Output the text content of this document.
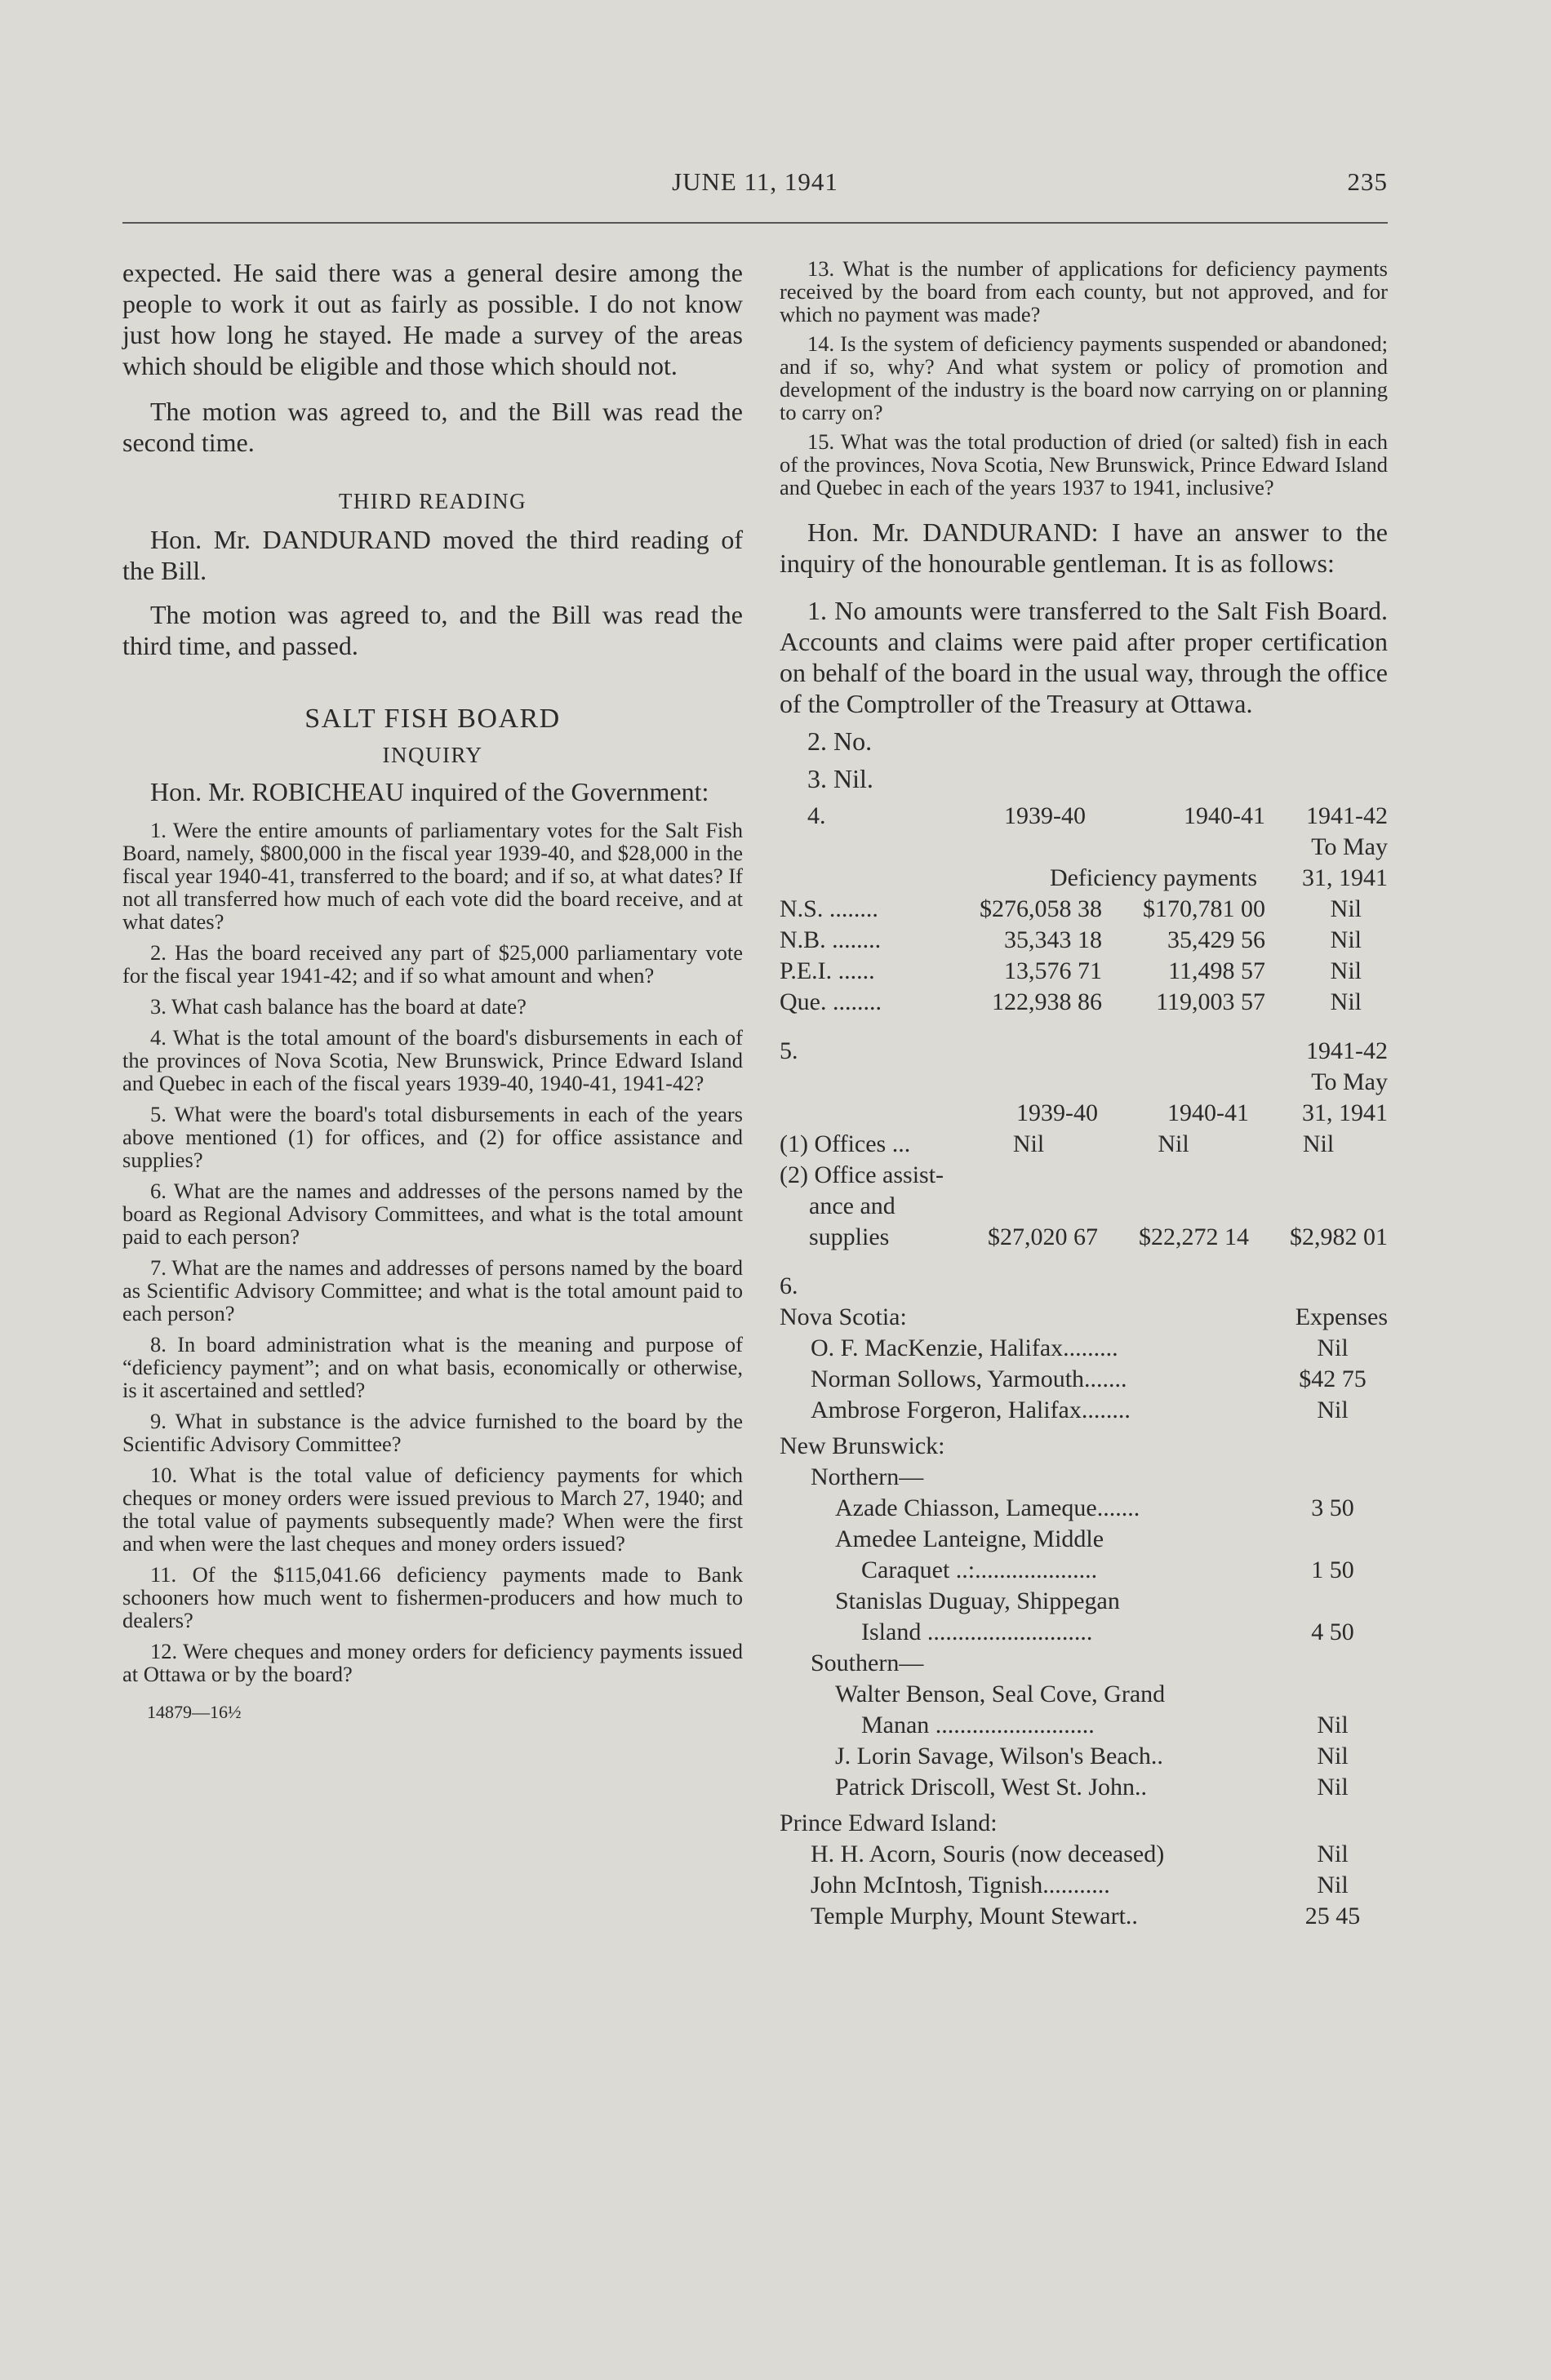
JUNE 11, 1941	235

expected. He said there was a general desire among the people to work it out as fairly as possible. I do not know just how long he stayed. He made a survey of the areas which should be eligible and those which should not.

The motion was agreed to, and the Bill was read the second time.

THIRD READING

Hon. Mr. DANDURAND moved the third reading of the Bill.

The motion was agreed to, and the Bill was read the third time, and passed.

SALT FISH BOARD

INQUIRY

Hon. Mr. ROBICHEAU inquired of the Government:

1. Were the entire amounts of parliamentary votes for the Salt Fish Board, namely, $800,000 in the fiscal year 1939-40, and $28,000 in the fiscal year 1940-41, transferred to the board; and if so, at what dates? If not all transferred how much of each vote did the board receive, and at what dates?

2. Has the board received any part of $25,000 parliamentary vote for the fiscal year 1941-42; and if so what amount and when?

3. What cash balance has the board at date?

4. What is the total amount of the board's disbursements in each of the provinces of Nova Scotia, New Brunswick, Prince Edward Island and Quebec in each of the fiscal years 1939-40, 1940-41, 1941-42?

5. What were the board's total disbursements in each of the years above mentioned (1) for offices, and (2) for office assistance and supplies?

6. What are the names and addresses of the persons named by the board as Regional Advisory Committees, and what is the total amount paid to each person?

7. What are the names and addresses of persons named by the board as Scientific Advisory Committee; and what is the total amount paid to each person?

8. In board administration what is the meaning and purpose of “deficiency payment”; and on what basis, economically or otherwise, is it ascertained and settled?

9. What in substance is the advice furnished to the board by the Scientific Advisory Committee?

10. What is the total value of deficiency payments for which cheques or money orders were issued previous to March 27, 1940; and the total value of payments subsequently made? When were the first and when were the last cheques and money orders issued?

11. Of the $115,041.66 deficiency payments made to Bank schooners how much went to fishermen-producers and how much to dealers?

12. Were cheques and money orders for deficiency payments issued at Ottawa or by the board?

14879—16½

13. What is the number of applications for deficiency payments received by the board from each county, but not approved, and for which no payment was made?

14. Is the system of deficiency payments suspended or abandoned; and if so, why? And what system or policy of promotion and development of the industry is the board now carrying on or planning to carry on?

15. What was the total production of dried (or salted) fish in each of the provinces, Nova Scotia, New Brunswick, Prince Edward Island and Quebec in each of the years 1937 to 1941, inclusive?

Hon. Mr. DANDURAND: I have an answer to the inquiry of the honourable gentleman. It is as follows:

1. No amounts were transferred to the Salt Fish Board. Accounts and claims were paid after proper certification on behalf of the board in the usual way, through the office of the Comptroller of the Treasury at Ottawa.

2. No.

3. Nil.

4.	1939-40	1940-41	1941-42
			To May
	Deficiency payments		31, 1941
N.S. ........	$276,058 38	$170,781 00	Nil
N.B. ........	35,343 18	35,429 56	Nil
P.E.I. ......	13,576 71	11,498 57	Nil
Que. ........	122,938 86	119,003 57	Nil
5.			1941-42
			To May
	1939-40	1940-41	31, 1941
(1) Offices ...	Nil	Nil	Nil
(2) Office assist-			
ance and			
supplies	$27,020 67	$22,272 14	$2,982 01
6.	
Nova Scotia:	Expenses
O. F. MacKenzie, Halifax.........	Nil
Norman Sollows, Yarmouth.......	$42 75
Ambrose Forgeron, Halifax........	Nil
New Brunswick:	
Northern—	
Azade Chiasson, Lameque.......	3 50
Amedee Lanteigne, Middle	
Caraquet ..:....................	1 50
Stanislas Duguay, Shippegan	
Island ...........................	4 50
Southern—	
Walter Benson, Seal Cove, Grand	
Manan ..........................	Nil
J. Lorin Savage, Wilson's Beach..	Nil
Patrick Driscoll, West St. John..	Nil
Prince Edward Island:	
H. H. Acorn, Souris (now deceased)	Nil
John McIntosh, Tignish...........	Nil
Temple Murphy, Mount Stewart..	25 45
